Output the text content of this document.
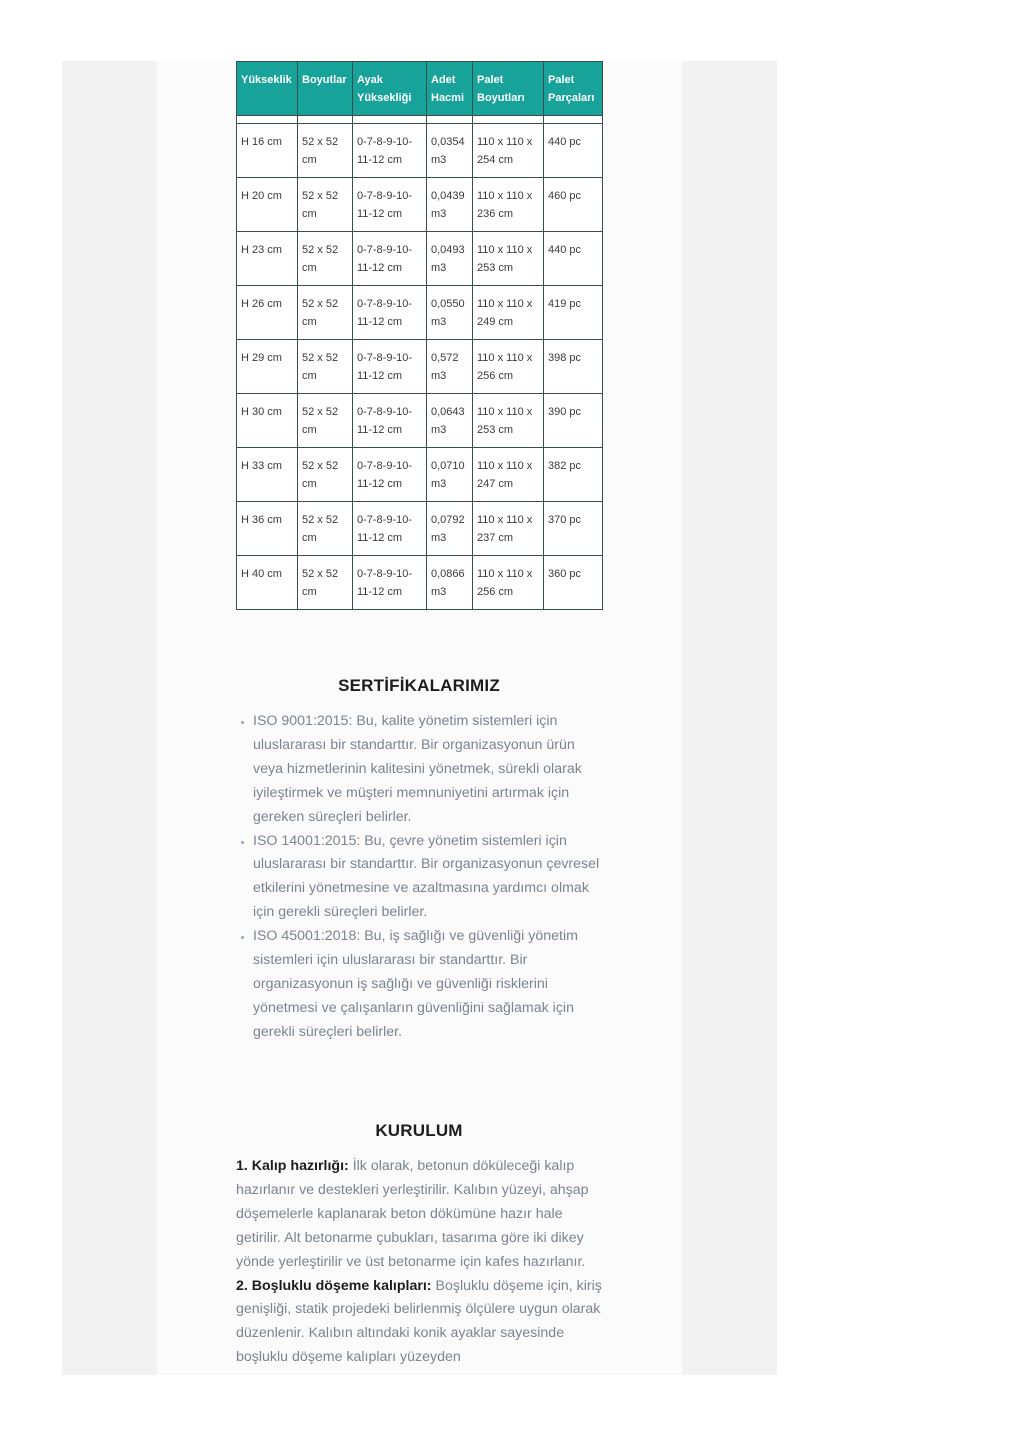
Yükseklik	Boyutlar	Ayak Yüksekliği	Adet Hacmi	Palet Boyutları	Palet Parçaları

H 16 cm	52 x 52 cm	0-7-8-9-10-11-12 cm	0,0354 m3	110 x 110 x 254 cm	440 pc
H 20 cm	52 x 52 cm	0-7-8-9-10-11-12 cm	0,0439 m3	110 x 110 x 236 cm	460 pc
H 23 cm	52 x 52 cm	0-7-8-9-10-11-12 cm	0,0493 m3	110 x 110 x 253 cm	440 pc
H 26 cm	52 x 52 cm	0-7-8-9-10-11-12 cm	0,0550 m3	110 x 110 x 249 cm	419 pc
H 29 cm	52 x 52 cm	0-7-8-9-10-11-12 cm	0,572 m3	110 x 110 x 256 cm	398 pc
H 30 cm	52 x 52 cm	0-7-8-9-10-11-12 cm	0,0643 m3	110 x 110 x 253 cm	390 pc
H 33 cm	52 x 52 cm	0-7-8-9-10-11-12 cm	0,0710 m3	110 x 110 x 247 cm	382 pc
H 36 cm	52 x 52 cm	0-7-8-9-10-11-12 cm	0,0792 m3	110 x 110 x 237 cm	370 pc
H 40 cm	52 x 52 cm	0-7-8-9-10-11-12 cm	0,0866 m3	110 x 110 x 256 cm	360 pc
SERTİFİKALARIMIZ
• ISO 9001:2015: Bu, kalite yönetim sistemleri için uluslararası bir standarttır. Bir organizasyonun ürün veya hizmetlerinin kalitesini yönetmek, sürekli olarak iyileştirmek ve müşteri memnuniyetini artırmak için gereken süreçleri belirler.
• ISO 14001:2015: Bu, çevre yönetim sistemleri için uluslararası bir standarttır. Bir organizasyonun çevresel etkilerini yönetmesine ve azaltmasına yardımcı olmak için gerekli süreçleri belirler.
• ISO 45001:2018: Bu, iş sağlığı ve güvenliği yönetim sistemleri için uluslararası bir standarttır. Bir organizasyonun iş sağlığı ve güvenliği risklerini yönetmesi ve çalışanların güvenliğini sağlamak için gerekli süreçleri belirler.
KURULUM

1. Kalıp hazırlığı: İlk olarak, betonun döküleceği kalıp hazırlanır ve destekleri yerleştirilir. Kalıbın yüzeyi, ahşap döşemelerle kaplanarak beton dökümüne hazır hale getirilir. Alt betonarme çubukları, tasarıma göre iki dikey yönde yerleştirilir ve üst betonarme için kafes hazırlanır.

2. Boşluklu döşeme kalıpları: Boşluklu döşeme için, kiriş genişliği, statik projedeki belirlenmiş ölçülere uygun olarak düzenlenir. Kalıbın altındaki konik ayaklar sayesinde boşluklu döşeme kalıpları yüzeyden
